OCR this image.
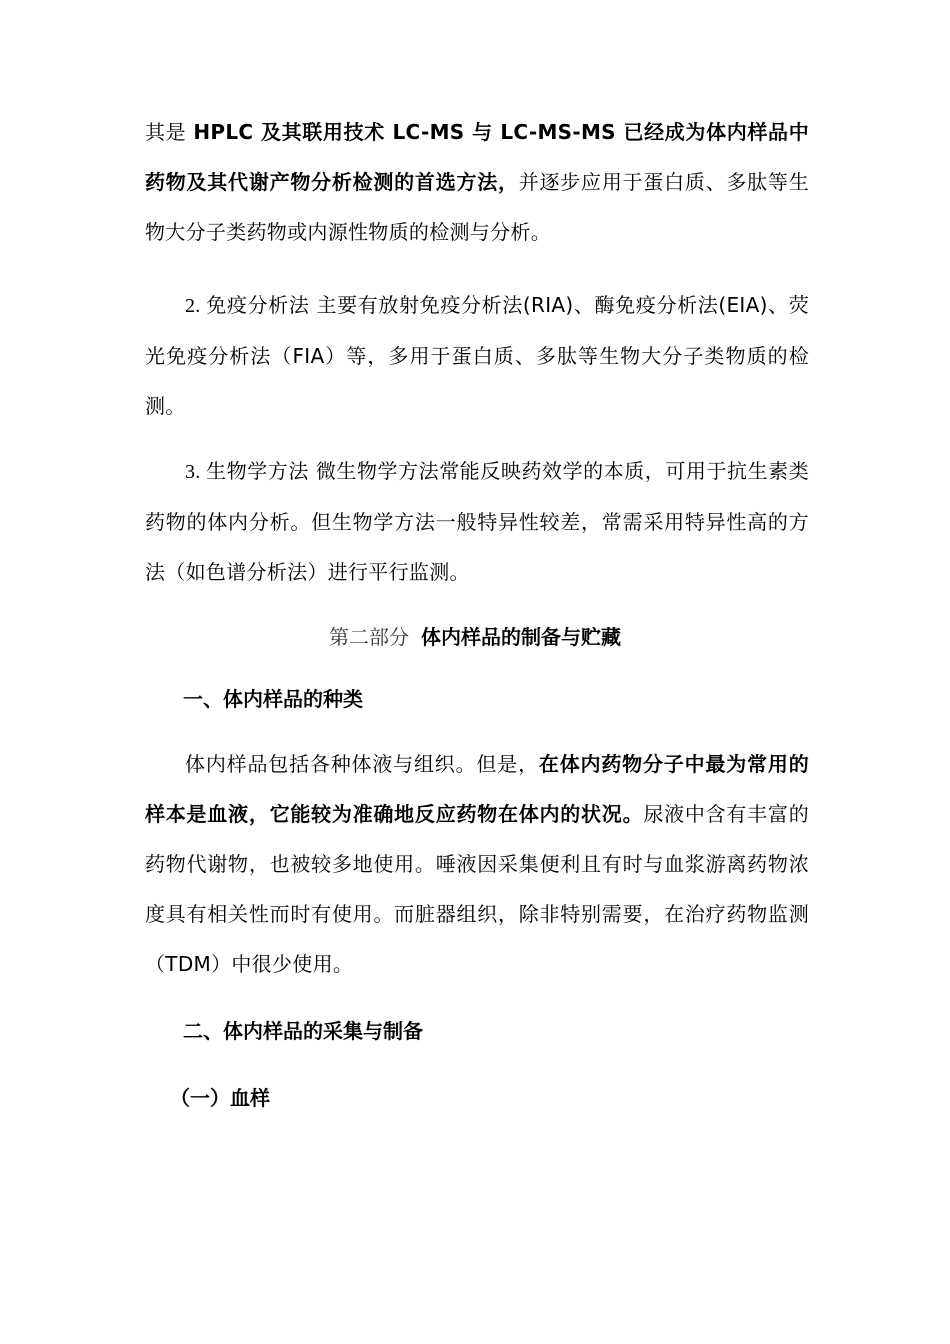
其是 HPLC 及其联用技术 LC-MS 与 LC-MS-MS 已经成为体内样品中药物及其代谢产物分析检测的首选方法，并逐步应用于蛋白质、多肽等生物大分子类药物或内源性物质的检测与分析。

2. 免疫分析法 主要有放射免疫分析法(RIA)、酶免疫分析法(EIA)、荧光免疫分析法（FIA）等，多用于蛋白质、多肽等生物大分子类物质的检测。

3. 生物学方法 微生物学方法常能反映药效学的本质，可用于抗生素类药物的体内分析。但生物学方法一般特异性较差，常需采用特异性高的方法（如色谱分析法）进行平行监测。

第二部分 体内样品的制备与贮藏
一、体内样品的种类

体内样品包括各种体液与组织。但是，在体内药物分子中最为常用的样本是血液，它能较为准确地反应药物在体内的状况。尿液中含有丰富的药物代谢物，也被较多地使用。唾液因采集便利且有时与血浆游离药物浓度具有相关性而时有使用。而脏器组织，除非特别需要，在治疗药物监测（TDM）中很少使用。

二、体内样品的采集与制备
（一）血样
